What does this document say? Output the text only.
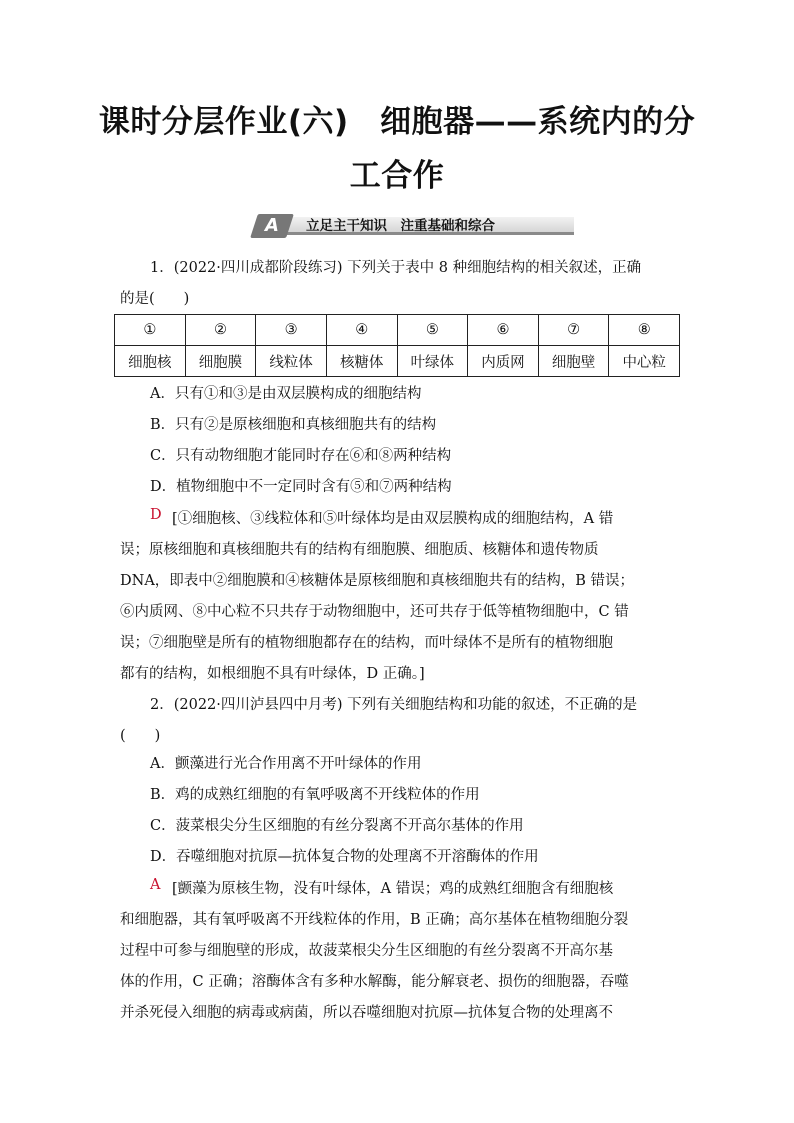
课时分层作业(六)　细胞器——系统内的分
工合作
A	立足主干知识　注重基础和综合
1．(2022·四川成都阶段练习) 下列关于表中 8 种细胞结构的相关叙述，正确
的是(　　)
①	②	③	④	⑤	⑥	⑦	⑧
细胞核	细胞膜	线粒体	核糖体	叶绿体	内质网	细胞壁	中心粒
A．只有①和③是由双层膜构成的细胞结构
B．只有②是原核细胞和真核细胞共有的结构
C．只有动物细胞才能同时存在⑥和⑧两种结构
D．植物细胞中不一定同时含有⑤和⑦两种结构
D [①细胞核、③线粒体和⑤叶绿体均是由双层膜构成的细胞结构，A 错
误；原核细胞和真核细胞共有的结构有细胞膜、细胞质、核糖体和遗传物质
DNA，即表中②细胞膜和④核糖体是原核细胞和真核细胞共有的结构，B 错误；
⑥内质网、⑧中心粒不只共存于动物细胞中，还可共存于低等植物细胞中，C 错
误；⑦细胞壁是所有的植物细胞都存在的结构，而叶绿体不是所有的植物细胞
都有的结构，如根细胞不具有叶绿体，D 正确。]
2．(2022·四川泸县四中月考) 下列有关细胞结构和功能的叙述，不正确的是
(　　)
A．颤藻进行光合作用离不开叶绿体的作用
B．鸡的成熟红细胞的有氧呼吸离不开线粒体的作用
C．菠菜根尖分生区细胞的有丝分裂离不开高尔基体的作用
D．吞噬细胞对抗原—抗体复合物的处理离不开溶酶体的作用
A [颤藻为原核生物，没有叶绿体，A 错误；鸡的成熟红细胞含有细胞核
和细胞器，其有氧呼吸离不开线粒体的作用，B 正确；高尔基体在植物细胞分裂
过程中可参与细胞壁的形成，故菠菜根尖分生区细胞的有丝分裂离不开高尔基
体的作用，C 正确；溶酶体含有多种水解酶，能分解衰老、损伤的细胞器，吞噬
并杀死侵入细胞的病毒或病菌，所以吞噬细胞对抗原—抗体复合物的处理离不
